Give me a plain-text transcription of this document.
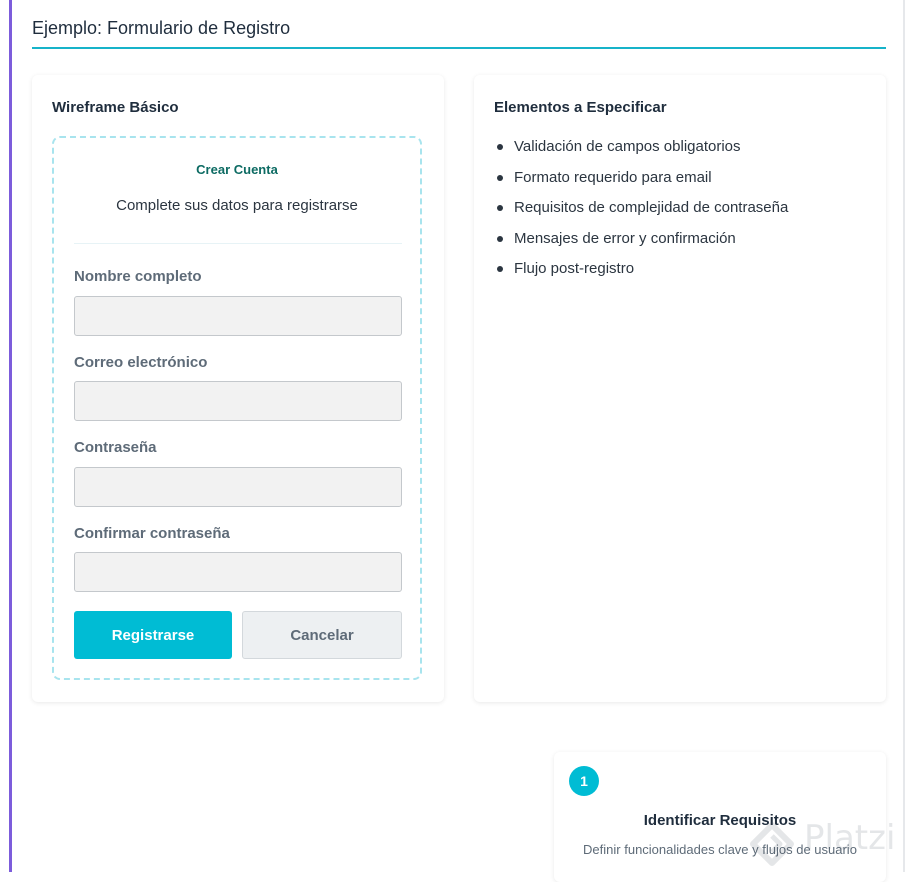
Ejemplo: Formulario de Registro
Wireframe Básico
Crear Cuenta
Complete sus datos para registrarse
Nombre completo
Correo electrónico
Contraseña
Confirmar contraseña
Registrarse	Cancelar
Elementos a Especificar
Validación de campos obligatorios
Formato requerido para email
Requisitos de complejidad de contraseña
Mensajes de error y confirmación
Flujo post-registro
1
Identificar Requisitos
Definir funcionalidades clave y flujos de usuario
Platzi
